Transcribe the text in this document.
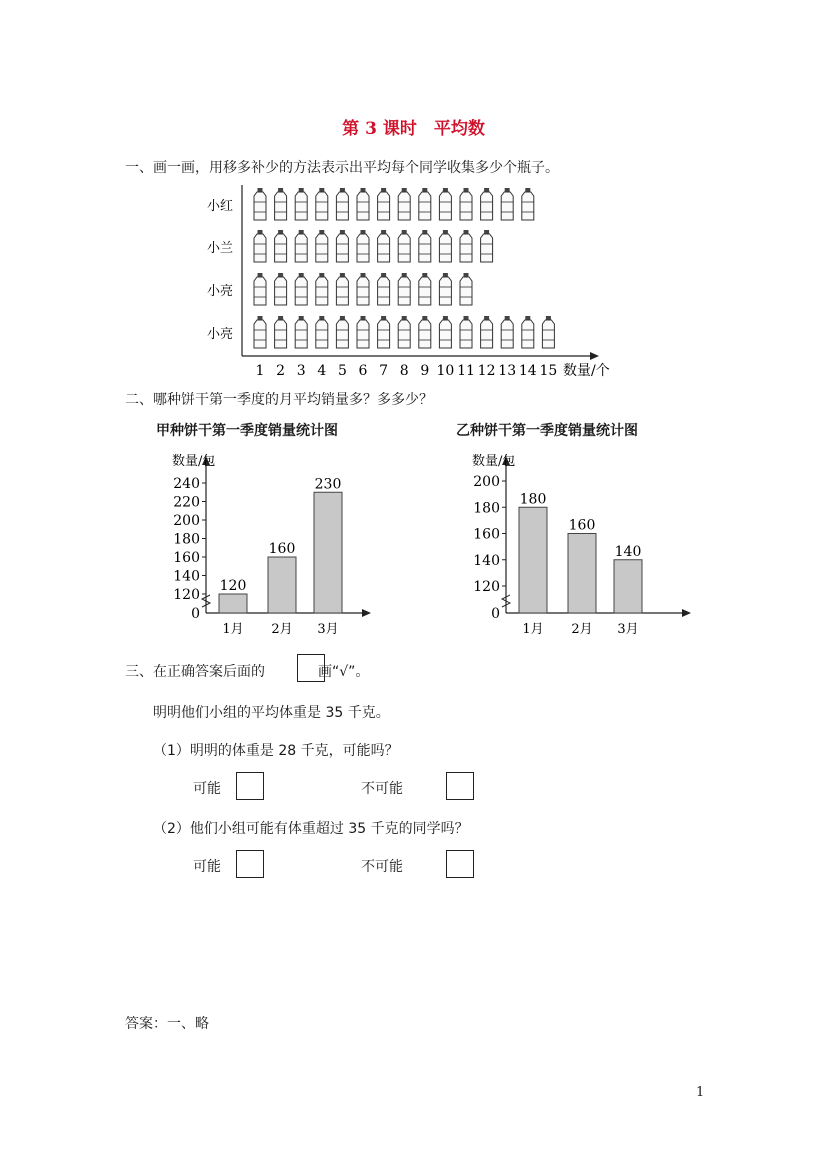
第 3 课时　平均数
一、画一画，用移多补少的方法表示出平均每个同学收集多少个瓶子。
小红
小兰
小亮
小亮
1 2 3 4 5 6 7 8 9 10 11 12 13 14 15 数量/个
二、哪种饼干第一季度的月平均销量多？多多少？
甲种饼干第一季度销量统计图	乙种饼干第一季度销量统计图
数量/包
0
120
140
160
180
200
220
240
120
1月
160
2月
230
3月
数量/包
0
120
140
160
180
200
180
1月
160
2月
140
3月
三、在正确答案后面的	画“√”。
明明他们小组的平均体重是 35 千克。
（1）明明的体重是 28 千克，可能吗？
可能	不可能
（2）他们小组可能有体重超过 35 千克的同学吗？
可能	不可能
答案：一、略
1
